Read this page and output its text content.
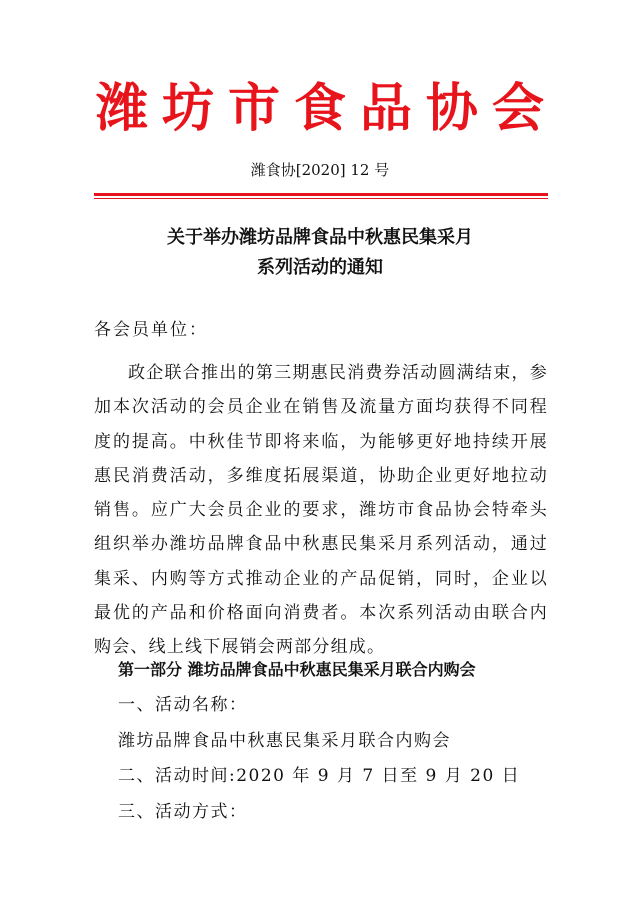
潍坊市食品协会
潍食协[2020] 12 号
关于举办潍坊品牌食品中秋惠民集采月
系列活动的通知
各会员单位：

政企联合推出的第三期惠民消费券活动圆满结束，参加本次活动的会员企业在销售及流量方面均获得不同程度的提高。中秋佳节即将来临，为能够更好地持续开展惠民消费活动，多维度拓展渠道，协助企业更好地拉动销售。应广大会员企业的要求，潍坊市食品协会特牵头组织举办潍坊品牌食品中秋惠民集采月系列活动，通过集采、内购等方式推动企业的产品促销，同时，企业以最优的产品和价格面向消费者。本次系列活动由联合内购会、线上线下展销会两部分组成。

第一部分 潍坊品牌食品中秋惠民集采月联合内购会
一、活动名称：
潍坊品牌食品中秋惠民集采月联合内购会
二、活动时间:2020 年 9 月 7 日至 9 月 20 日
三、活动方式：
